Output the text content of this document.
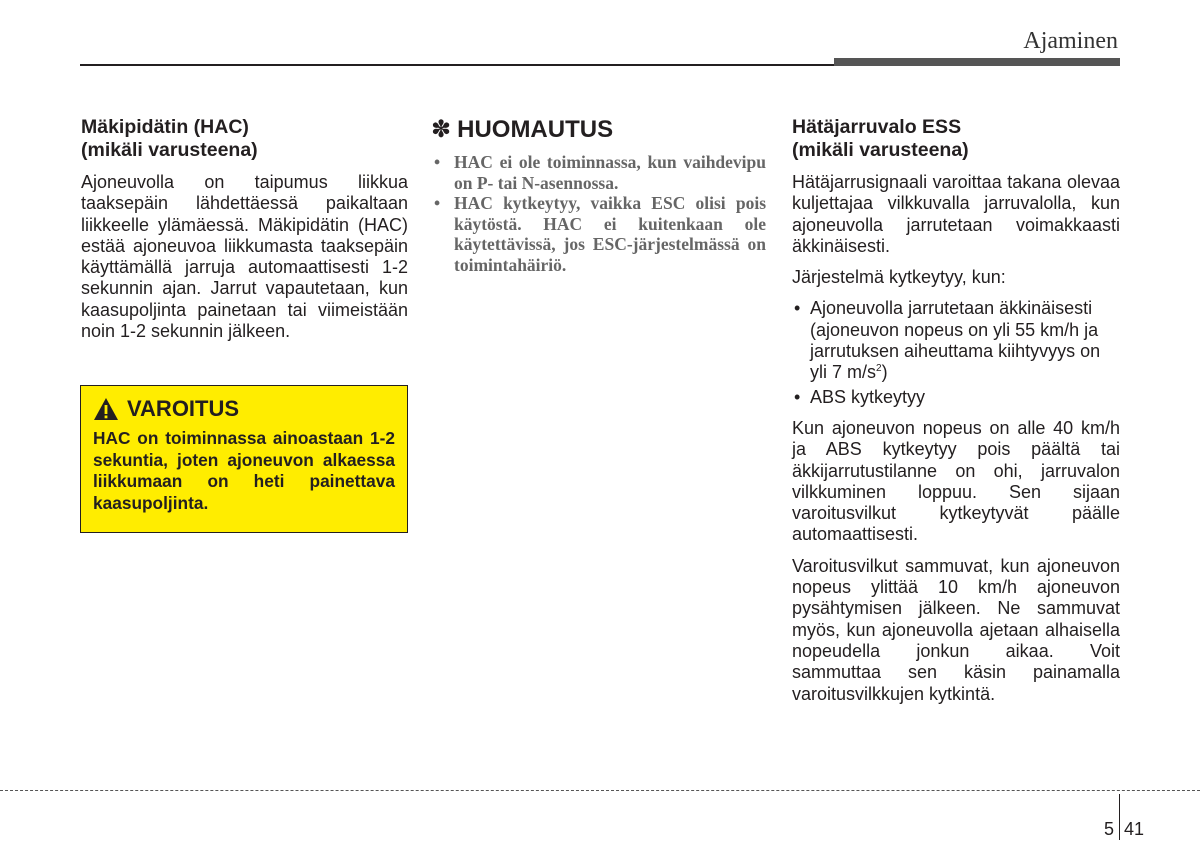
Ajaminen
Mäkipidätin (HAC)
(mikäli varusteena)

Ajoneuvolla on taipumus liikkua taaksepäin lähdettäessä paikaltaan liikkeelle ylämäessä. Mäkipidätin (HAC) estää ajoneuvoa liikkumasta taaksepäin käyttämällä jarruja automaattisesti 1-2 sekunnin ajan. Jarrut vapautetaan, kun kaasupoljinta painetaan tai viimeistään noin 1-2 sekunnin jälkeen.

VAROITUS

HAC on toiminnassa ainoastaan 1-2 sekuntia, joten ajoneuvon alkaessa liikkumaan on heti painettava kaasupoljinta.

✽ HUOMAUTUS
• HAC ei ole toiminnassa, kun vaihdevipu on P- tai N-asennossa.
• HAC kytkeytyy, vaikka ESC olisi pois käytöstä. HAC ei kuitenkaan ole käytettävissä, jos ESC-järjestelmässä on toimintahäiriö.
Hätäjarruvalo ESS
(mikäli varusteena)

Hätäjarrusignaali varoittaa takana olevaa kuljettajaa vilkkuvalla jarruvalolla, kun ajoneuvolla jarrutetaan voimakkaasti äkkinäisesti.

Järjestelmä kytkeytyy, kun:

• Ajoneuvolla jarrutetaan äkkinäisesti (ajoneuvon nopeus on yli 55 km/h ja jarrutuksen aiheuttama kiihtyvyys on yli 7 $m/s^2$)
• ABS kytkeytyy

Kun ajoneuvon nopeus on alle 40 km/h ja ABS kytkeytyy pois päältä tai äkkijarrutustilanne on ohi, jarruvalon vilkkuminen loppuu. Sen sijaan varoitusvilkut kytkeytyvät päälle automaattisesti.

Varoitusvilkut sammuvat, kun ajoneuvon nopeus ylittää 10 km/h ajoneuvon pysähtymisen jälkeen. Ne sammuvat myös, kun ajoneuvolla ajetaan alhaisella nopeudella jonkun aikaa. Voit sammuttaa sen käsin painamalla varoitusvilkkujen kytkintä.

5 41
